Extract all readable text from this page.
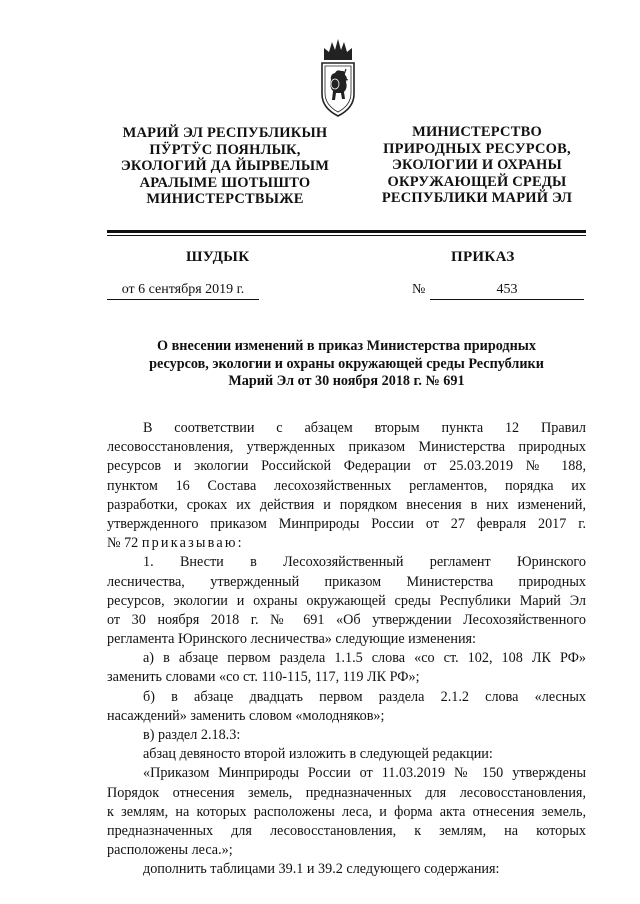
МАРИЙ ЭЛ РЕСПУБЛИКЫН
ПӰРТӰС ПОЯНЛЫК,
ЭКОЛОГИЙ ДА ЙЫРВЕЛЫМ
АРАЛЫМЕ ШОТЫШТО
МИНИСТЕРСТВЫЖЕ
МИНИСТЕРСТВО
ПРИРОДНЫХ РЕСУРСОВ,
ЭКОЛОГИИ И ОХРАНЫ
ОКРУЖАЮЩЕЙ СРЕДЫ
РЕСПУБЛИКИ МАРИЙ ЭЛ
ШУДЫК	ПРИКАЗ
от 6 сентября 2019 г.	№	453
О внесении изменений в приказ Министерства природных
ресурсов, экологии и охраны окружающей среды Республики
Марий Эл от 30 ноября 2018 г. № 691
В соответствии с абзацем вторым пункта 12 Правил
лесовосстановления, утвержденных приказом Министерства природных
ресурсов и экологии Российской Федерации от 25.03.2019 № 188,
пунктом 16 Состава лесохозяйственных регламентов, порядка их
разработки, сроках их действия и порядком внесения в них изменений,
утвержденного приказом Минприроды России от 27 февраля 2017 г.
№ 72 приказываю:
1. Внести в Лесохозяйственный регламент Юринского
лесничества, утвержденный приказом Министерства природных
ресурсов, экологии и охраны окружающей среды Республики Марий Эл
от 30 ноября 2018 г. № 691 «Об утверждении Лесохозяйственного
регламента Юринского лесничества» следующие изменения:
а) в абзаце первом раздела 1.1.5 слова «со ст. 102, 108 ЛК РФ»
заменить словами «со ст. 110-115, 117, 119 ЛК РФ»;
б) в абзаце двадцать первом раздела 2.1.2 слова «лесных
насаждений» заменить словом «молодняков»;
в) раздел 2.18.3:
абзац девяносто второй изложить в следующей редакции:
«Приказом Минприроды России от 11.03.2019 № 150 утверждены
Порядок отнесения земель, предназначенных для лесовосстановления,
к землям, на которых расположены леса, и форма акта отнесения земель,
предназначенных для лесовосстановления, к землям, на которых
расположены леса.»;
дополнить таблицами 39.1 и 39.2 следующего содержания:
